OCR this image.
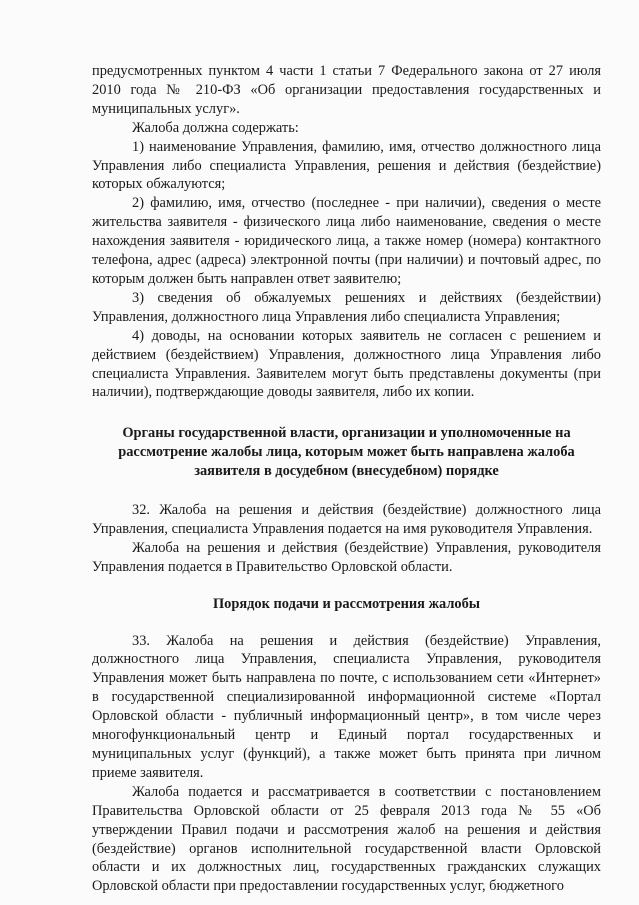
предусмотренных пунктом 4 части 1 статьи 7 Федерального закона от 27 июля 2010 года № 210-ФЗ «Об организации предоставления государственных и муниципальных услуг».

Жалоба должна содержать:

1) наименование Управления, фамилию, имя, отчество должностного лица Управления либо специалиста Управления, решения и действия (бездействие) которых обжалуются;

2) фамилию, имя, отчество (последнее - при наличии), сведения о месте жительства заявителя - физического лица либо наименование, сведения о месте нахождения заявителя - юридического лица, а также номер (номера) контактного телефона, адрес (адреса) электронной почты (при наличии) и почтовый адрес, по которым должен быть направлен ответ заявителю;

3) сведения об обжалуемых решениях и действиях (бездействии) Управления, должностного лица Управления либо специалиста Управления;

4) доводы, на основании которых заявитель не согласен с решением и действием (бездействием) Управления, должностного лица Управления либо специалиста Управления. Заявителем могут быть представлены документы (при наличии), подтверждающие доводы заявителя, либо их копии.

Органы государственной власти, организации и уполномоченные на рассмотрение жалобы лица, которым может быть направлена жалоба заявителя в досудебном (внесудебном) порядке

32. Жалоба на решения и действия (бездействие) должностного лица Управления, специалиста Управления подается на имя руководителя Управления.

Жалоба на решения и действия (бездействие) Управления, руководителя Управления подается в Правительство Орловской области.

Порядок подачи и рассмотрения жалобы

33. Жалоба на решения и действия (бездействие) Управления, должностного лица Управления, специалиста Управления, руководителя Управления может быть направлена по почте, с использованием сети «Интернет» в государственной специализированной информационной системе «Портал Орловской области - публичный информационный центр», в том числе через многофункциональный центр и Единый портал государственных и муниципальных услуг (функций), а также может быть принята при личном приеме заявителя.

Жалоба подается и рассматривается в соответствии с постановлением Правительства Орловской области от 25 февраля 2013 года № 55 «Об утверждении Правил подачи и рассмотрения жалоб на решения и действия (бездействие) органов исполнительной государственной власти Орловской области и их должностных лиц, государственных гражданских служащих Орловской области при предоставлении государственных услуг, бюджетного
